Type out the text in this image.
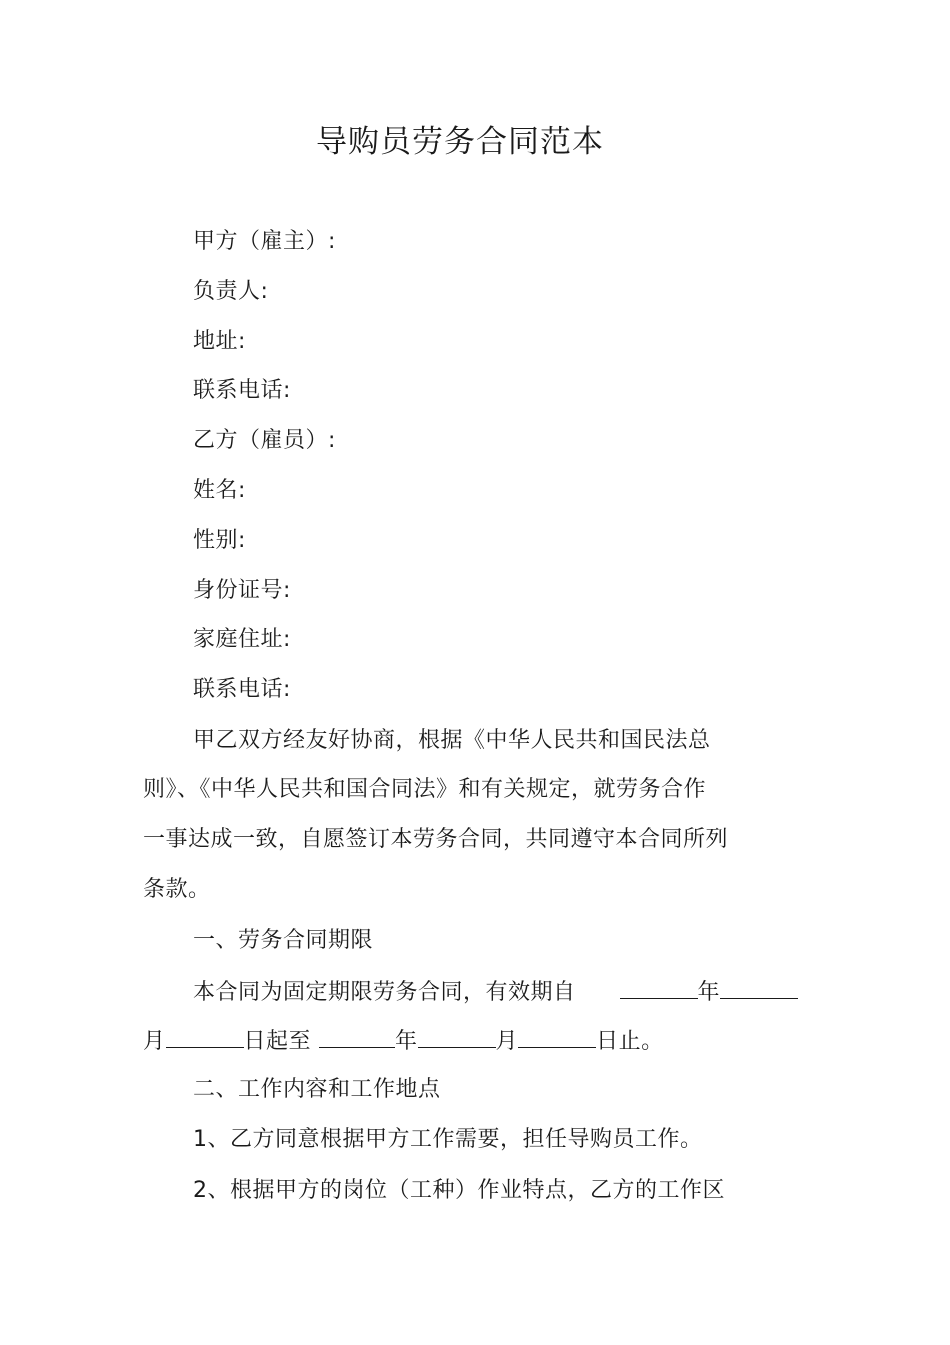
导购员劳务合同范本
甲方（雇主）:
负责人:
地址:
联系电话:
乙方（雇员）:
姓名:
性别:
身份证号:
家庭住址:
联系电话:
甲乙双方经友好协商，根据《中华人民共和国民法总
则》、《中华人民共和国合同法》和有关规定，就劳务合作
一事达成一致，自愿签订本劳务合同，共同遵守本合同所列
条款。
一、劳务合同期限
本合同为固定期限劳务合同，有效期自	年
月	日起至	年	月	日止。
二、工作内容和工作地点
1、乙方同意根据甲方工作需要，担任导购员工作。
2、根据甲方的岗位（工种）作业特点，乙方的工作区
